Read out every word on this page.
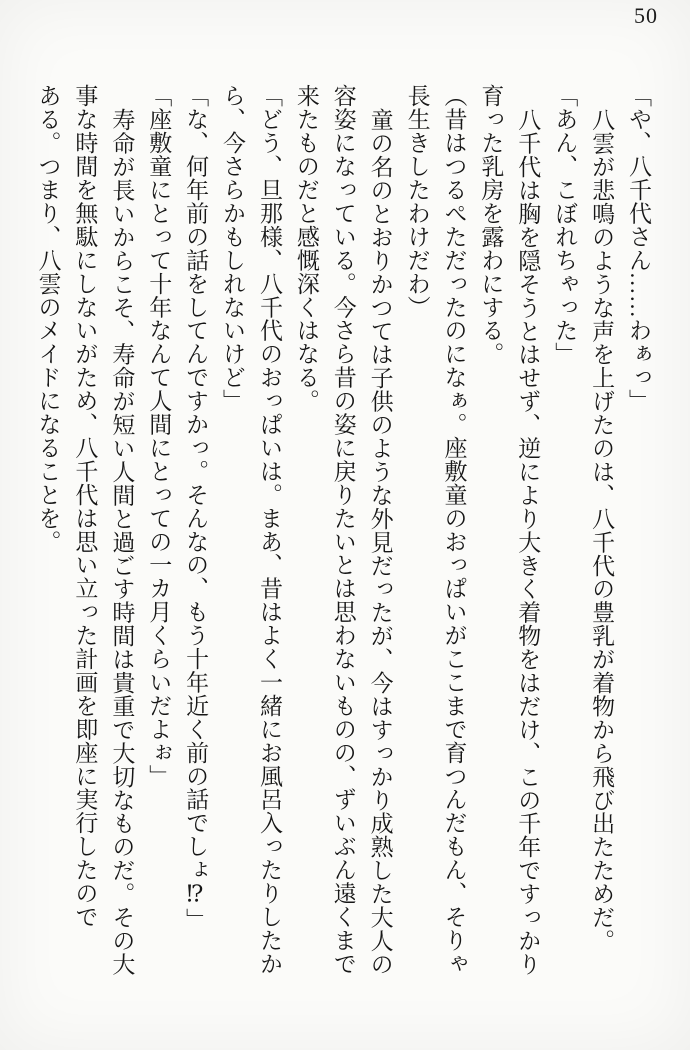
50

「や、八千代さん……わぁっ」

八雲が悲鳴のような声を上げたのは、八千代の豊乳が着物から飛び出たためだ。

「あん、こぼれちゃった」

八千代は胸を隠そうとはせず、逆により大きく着物をはだけ、この千年ですっかり

育った乳房を露わにする。

（昔はつるぺただったのになぁ。座敷童のおっぱいがここまで育つんだもん、そりゃ

長生きしたわけだわ）

童の名のとおりかつては子供のような外見だったが、今はすっかり成熟した大人の

容姿になっている。今さら昔の姿に戻りたいとは思わないものの、ずいぶん遠くまで

来たものだと感慨深くはなる。

「どう、旦那様、八千代のおっぱいは。まあ、昔はよく一緒にお風呂入ったりしたか

ら、今さらかもしれないけど」

「な、何年前の話をしてんですかっ。そんなの、もう十年近く前の話でしょ⁉」

「座敷童にとって十年なんて人間にとっての一カ月くらいだよぉ」

寿命が長いからこそ、寿命が短い人間と過ごす時間は貴重で大切なものだ。その大

事な時間を無駄にしないがため、八千代は思い立った計画を即座に実行したので

ある。つまり、八雲のメイドになることを。
